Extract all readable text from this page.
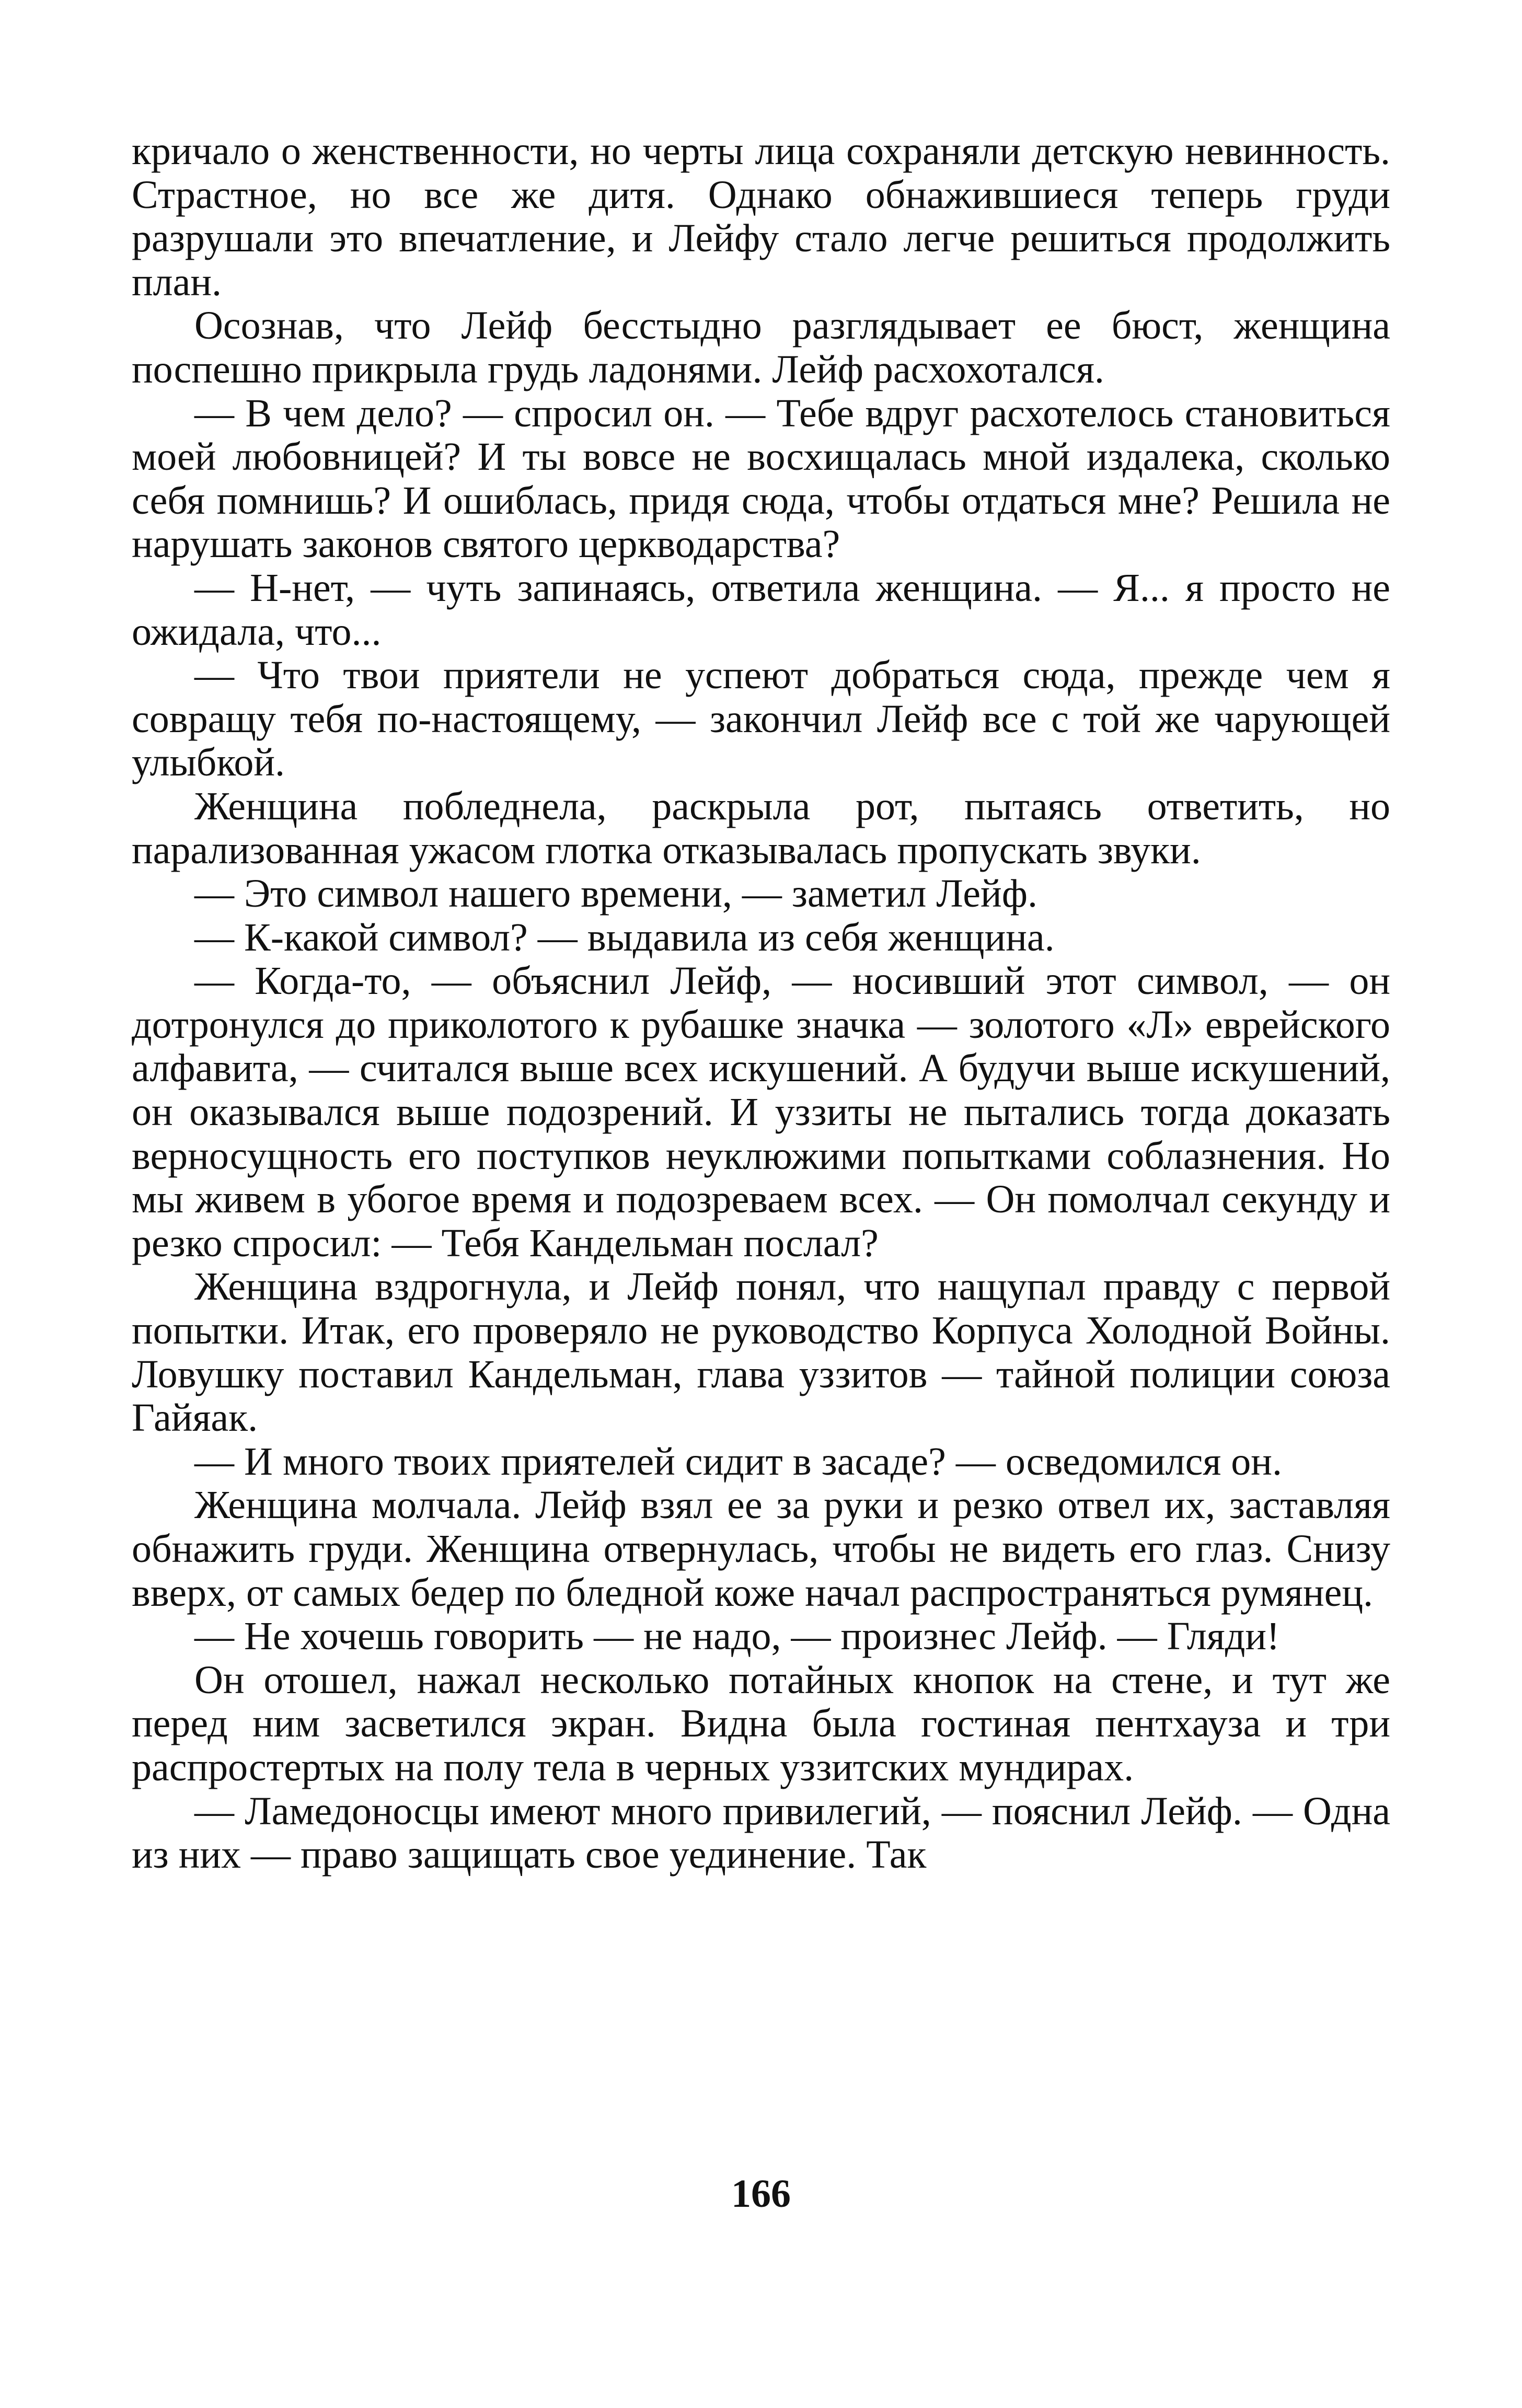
кричало о женственности, но черты лица сохраняли детскую невинность. Страстное, но все же дитя. Однако обнажившиеся теперь груди разрушали это впечатление, и Лейфу стало легче решиться продолжить план.

Осознав, что Лейф бесстыдно разглядывает ее бюст, женщина поспешно прикрыла грудь ладонями. Лейф расхохотался.

— В чем дело? — спросил он. — Тебе вдруг расхотелось становиться моей любовницей? И ты вовсе не восхищалась мной издалека, сколько себя помнишь? И ошиблась, придя сюда, чтобы отдаться мне? Решила не нарушать законов святого церкводарства?

— Н-нет, — чуть запинаясь, ответила женщина. — Я... я просто не ожидала, что...

— Что твои приятели не успеют добраться сюда, прежде чем я совращу тебя по-настоящему, — закончил Лейф все с той же чарующей улыбкой.

Женщина побледнела, раскрыла рот, пытаясь ответить, но парализованная ужасом глотка отказывалась пропускать звуки.

— Это символ нашего времени, — заметил Лейф.

— К-какой символ? — выдавила из себя женщина.

— Когда-то, — объяснил Лейф, — носивший этот символ, — он дотронулся до приколотого к рубашке значка — золотого «Л» еврейского алфавита, — считался выше всех искушений. А будучи выше искушений, он оказывался выше подозрений. И уззиты не пытались тогда доказать верносущность его поступков неуклюжими попытками соблазнения. Но мы живем в убогое время и подозреваем всех. — Он помолчал секунду и резко спросил: — Тебя Кандельман послал?

Женщина вздрогнула, и Лейф понял, что нащупал правду с первой попытки. Итак, его проверяло не руководство Корпуса Холодной Войны. Ловушку поставил Кандельман, глава уззитов — тайной полиции союза Гайяак.

— И много твоих приятелей сидит в засаде? — осведомился он.

Женщина молчала. Лейф взял ее за руки и резко отвел их, заставляя обнажить груди. Женщина отвернулась, чтобы не видеть его глаз. Снизу вверх, от самых бедер по бледной коже начал распространяться румянец.

— Не хочешь говорить — не надо, — произнес Лейф. — Гляди!

Он отошел, нажал несколько потайных кнопок на стене, и тут же перед ним засветился экран. Видна была гостиная пентхауза и три распростертых на полу тела в черных уззитских мундирах.

— Ламедоносцы имеют много привилегий, — пояснил Лейф. — Одна из них — право защищать свое уединение. Так

166
